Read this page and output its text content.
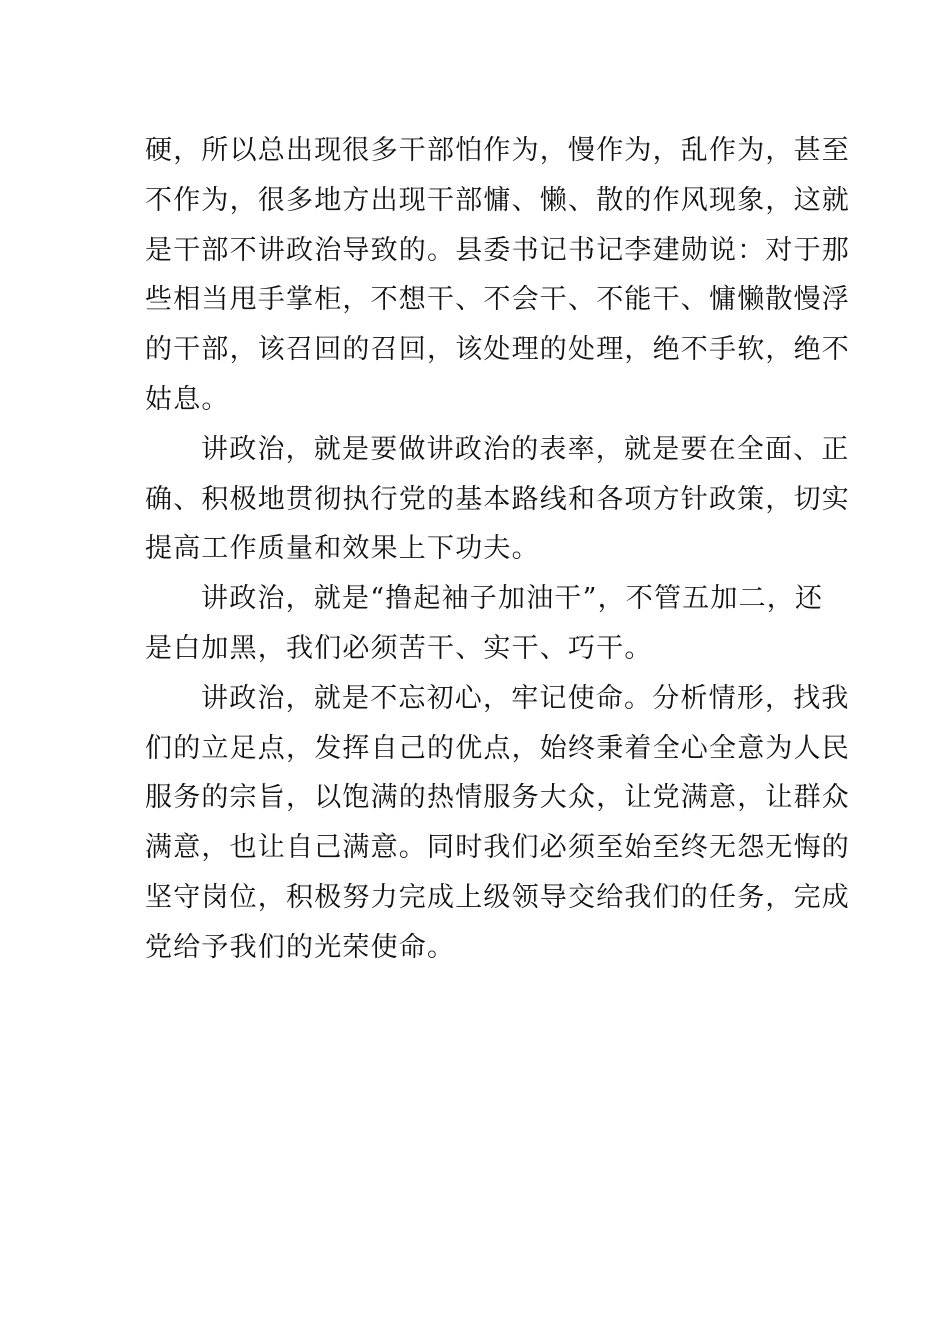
硬，所以总出现很多干部怕作为，慢作为，乱作为，甚至
不作为，很多地方出现干部慵、懒、散的作风现象，这就
是干部不讲政治导致的。县委书记书记李建勋说：对于那
些相当甩手掌柜，不想干、不会干、不能干、慵懒散慢浮
的干部，该召回的召回，该处理的处理，绝不手软，绝不
姑息。

讲政治，就是要做讲政治的表率，就是要在全面、正
确、积极地贯彻执行党的基本路线和各项方针政策，切实
提高工作质量和效果上下功夫。

讲政治，就是“撸起袖子加油干”，不管五加二，还
是白加黑，我们必须苦干、实干、巧干。

讲政治，就是不忘初心，牢记使命。分析情形，找我
们的立足点，发挥自己的优点，始终秉着全心全意为人民
服务的宗旨，以饱满的热情服务大众，让党满意，让群众
满意，也让自己满意。同时我们必须至始至终无怨无悔的
坚守岗位，积极努力完成上级领导交给我们的任务，完成
党给予我们的光荣使命。
